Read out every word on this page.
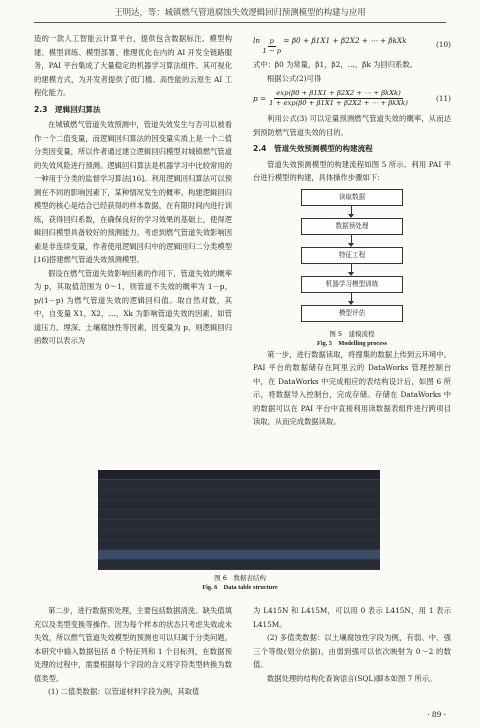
王明达，等：城镇燃气管道腐蚀失效逻辑回归预测模型的构建与应用

造的一款人工智能云计算平台，提供包含数据标注、模型构建、模型训练、模型部署、推理优化在内的 AI 开发全链路服务，PAI 平台集成了大量稳定的机器学习算法组件。其可视化的建模方式，为开发者提供了低门槛、高性能的云原生 AI 工程化能力。

2.3　逻辑回归算法

在城镇燃气管道失效预测中，管道失效发生与否可以被看作一个二值变量，而逻辑回归算法的因变量实质上是一个二值分类因变量，所以作者通过建立逻辑回归模型对城镇燃气管道的失效风险进行预测。逻辑回归算法是机器学习中比较常用的一种用于分类的监督学习算法[16]。利用逻辑回归算法可以预测在不同的影响因素下，某种情况发生的概率。构建逻辑回归模型的核心是结合已经获得的样本数据，在有限时间内进行训练，获得回归系数，在确保良好的学习效果的基础上，使得逻辑回归模型具备较好的预测能力。考虑到燃气管道失效影响因素是非连续变量，作者使用逻辑回归中的逻辑回归二分类模型[16]搭建燃气管道失效预测模型。

假设在燃气管道失效影响因素的作用下，管道失效的概率为 p，其取值范围为 0～1，则管道不失效的概率为 1－p，p/(1－p) 为燃气管道失效的逻辑回归值。取自然对数，其中，自变量 X1，X2，…，Xk 为影响管道失效的因素，如管道压力、埋深、土壤腐蚀性等因素，因变量为 p，则逻辑回归函数可以表示为

$\ln \frac{p}{1 - p} = \beta 0 + \beta 1X1 + \beta 2X2$ + ⋯ + βkXk	(10)

式中：β0 为常量，β1，β2，…，βk 为回归系数。

根据公式(2)可得

$p = \frac{\text{exp(β0 + β1X1 + β2X2 + ⋯ + βkXk)}}{\text{1 + exp(β0 + β1X1 + β2X2 + ⋯ + βkXk)}}$	(11)

利用公式(3) 可以定量预测燃气管道失效的概率，从而达到预防燃气管道失效的目的。

2.4　管道失效预测模型的构建流程

管道失效预测模型的构建流程如图 5 所示。利用 PAI 平台进行模型的构建，具体操作步骤如下：

读取数据
数据预处理
特征工程
机器学习模型训练
模型评估
图 5　建模流程
Fig. 5　Modelling process

第一步，进行数据读取，将搜集的数据上传到云环境中。PAI 平台的数据储存在阿里云的 DataWorks 管理控制台中，在 DataWorks 中完成相应的表结构设计后，如图 6 所示，将数据导入控制台，完成存储。存储在 DataWorks 中的数据可以在 PAI 平台中直接利用读数据表组件进行跨项目读取，从而完成数据读取。

图 6　数据表结构
Fig. 6　Data table structure

第二步，进行数据预处理，主要包括数据清洗、缺失值填充以及类型变换等操作。因为每个样本的状态只考虑失效或未失效，所以燃气管道失效模型的预测也可以归属于分类问题。本研究中输入数据包括 8 个特征列和 1 个目标列，在数据预处理的过程中，需要根据每个字段的含义将字符类型转换为数值类型。

(1) 二值类数据：以管道材料字段为例，其取值

为 L415N 和 L415M，可以用 0 表示 L415N，用 1 表示 L415M。

(2) 多值类数据：以土壤腐蚀性字段为例，有弱、中、强三个等级(划分依据)，由弱到强可以依次映射为 0～2 的数值。

数据处理的结构化查询语言(SQL)脚本如图 7 所示。

· 89 ·
